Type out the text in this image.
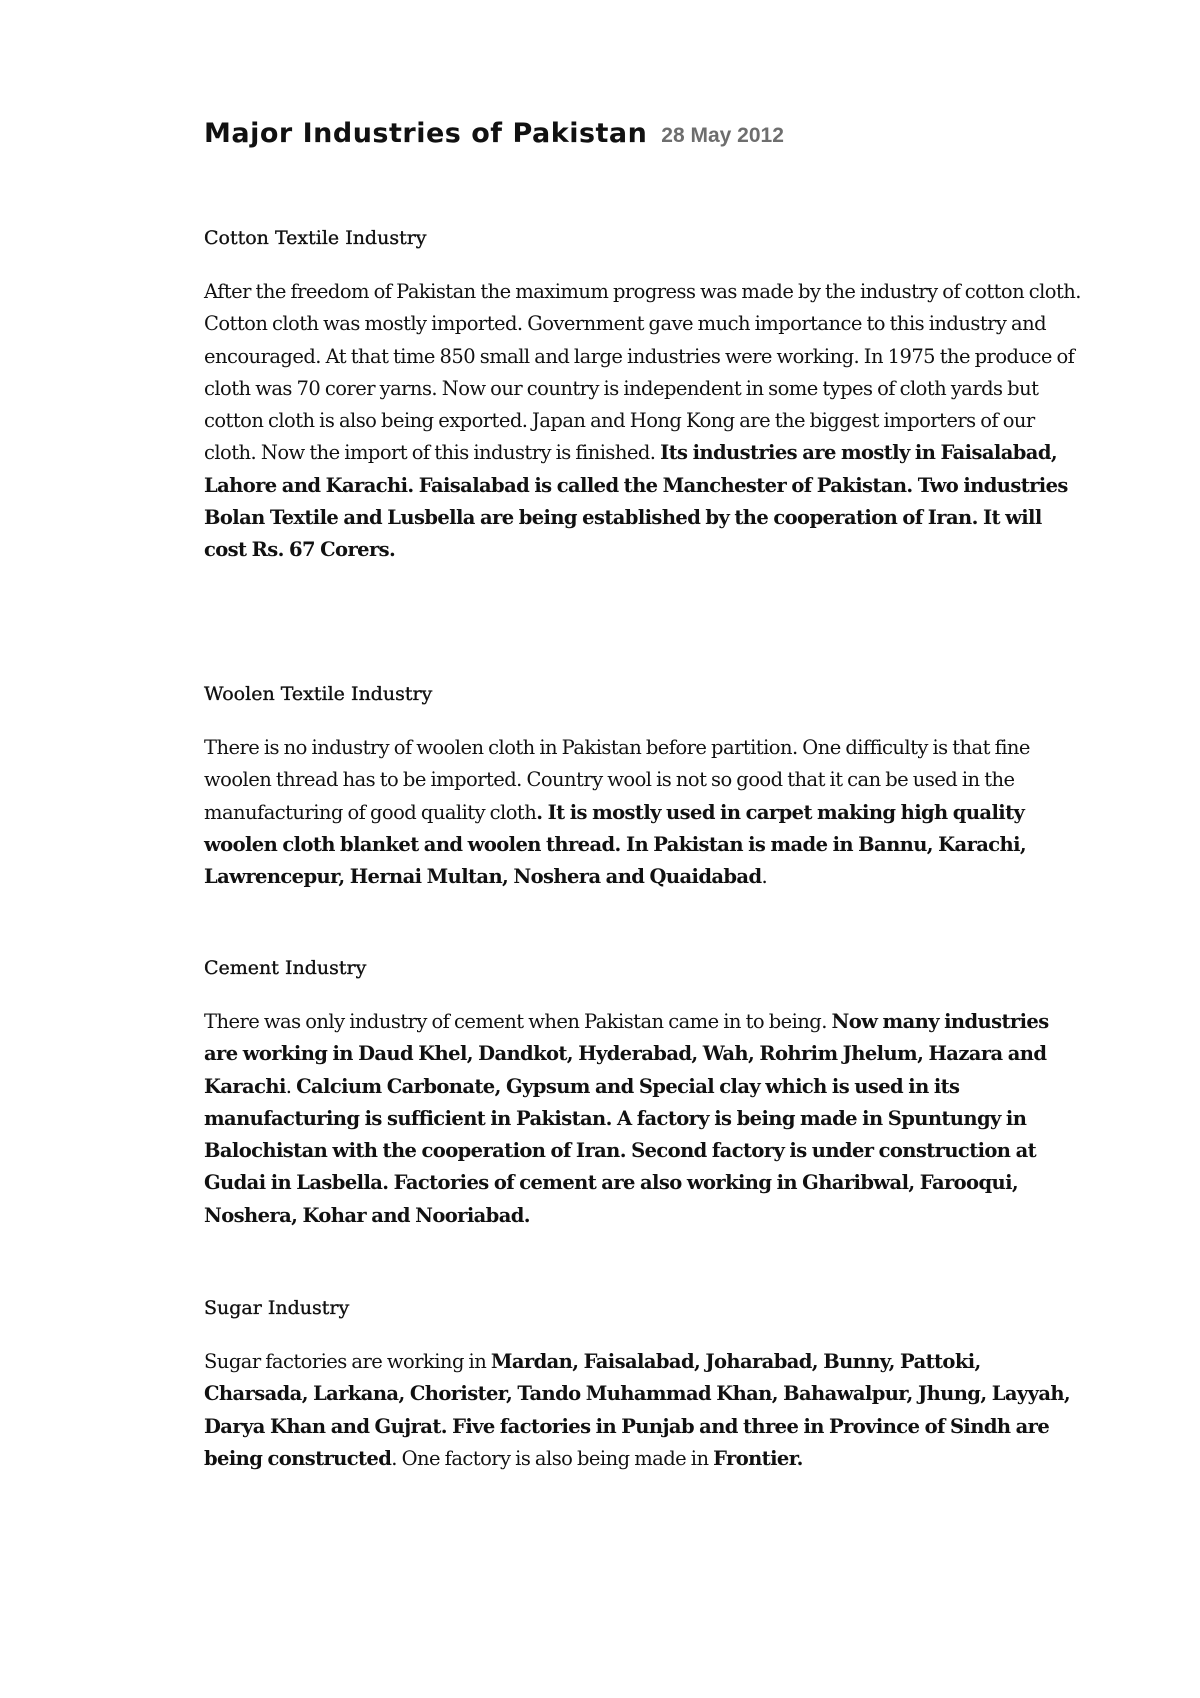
Major Industries of Pakistan 28 May 2012
Cotton Textile Industry

After the freedom of Pakistan the maximum progress was made by the industry of cotton cloth. Cotton cloth was mostly imported. Government gave much importance to this industry and encouraged. At that time 850 small and large industries were working. In 1975 the produce of cloth was 70 corer yarns. Now our country is independent in some types of cloth yards but cotton cloth is also being exported. Japan and Hong Kong are the biggest importers of our cloth. Now the import of this industry is finished. Its industries are mostly in Faisalabad, Lahore and Karachi. Faisalabad is called the Manchester of Pakistan. Two industries Bolan Textile and Lusbella are being established by the cooperation of Iran. It will cost Rs. 67 Corers.

Woolen Textile Industry

There is no industry of woolen cloth in Pakistan before partition. One difficulty is that fine woolen thread has to be imported. Country wool is not so good that it can be used in the manufacturing of good quality cloth. It is mostly used in carpet making high quality woolen cloth blanket and woolen thread. In Pakistan is made in Bannu, Karachi, Lawrencepur, Hernai Multan, Noshera and Quaidabad.

Cement Industry

There was only industry of cement when Pakistan came in to being. Now many industries are working in Daud Khel, Dandkot, Hyderabad, Wah, Rohrim Jhelum, Hazara and Karachi. Calcium Carbonate, Gypsum and Special clay which is used in its manufacturing is sufficient in Pakistan. A factory is being made in Spuntungy in Balochistan with the cooperation of Iran. Second factory is under construction at Gudai in Lasbella. Factories of cement are also working in Gharibwal, Farooqui, Noshera, Kohar and Nooriabad.

Sugar Industry

Sugar factories are working in Mardan, Faisalabad, Joharabad, Bunny, Pattoki, Charsada, Larkana, Chorister, Tando Muhammad Khan, Bahawalpur, Jhung, Layyah, Darya Khan and Gujrat. Five factories in Punjab and three in Province of Sindh are being constructed. One factory is also being made in Frontier.
